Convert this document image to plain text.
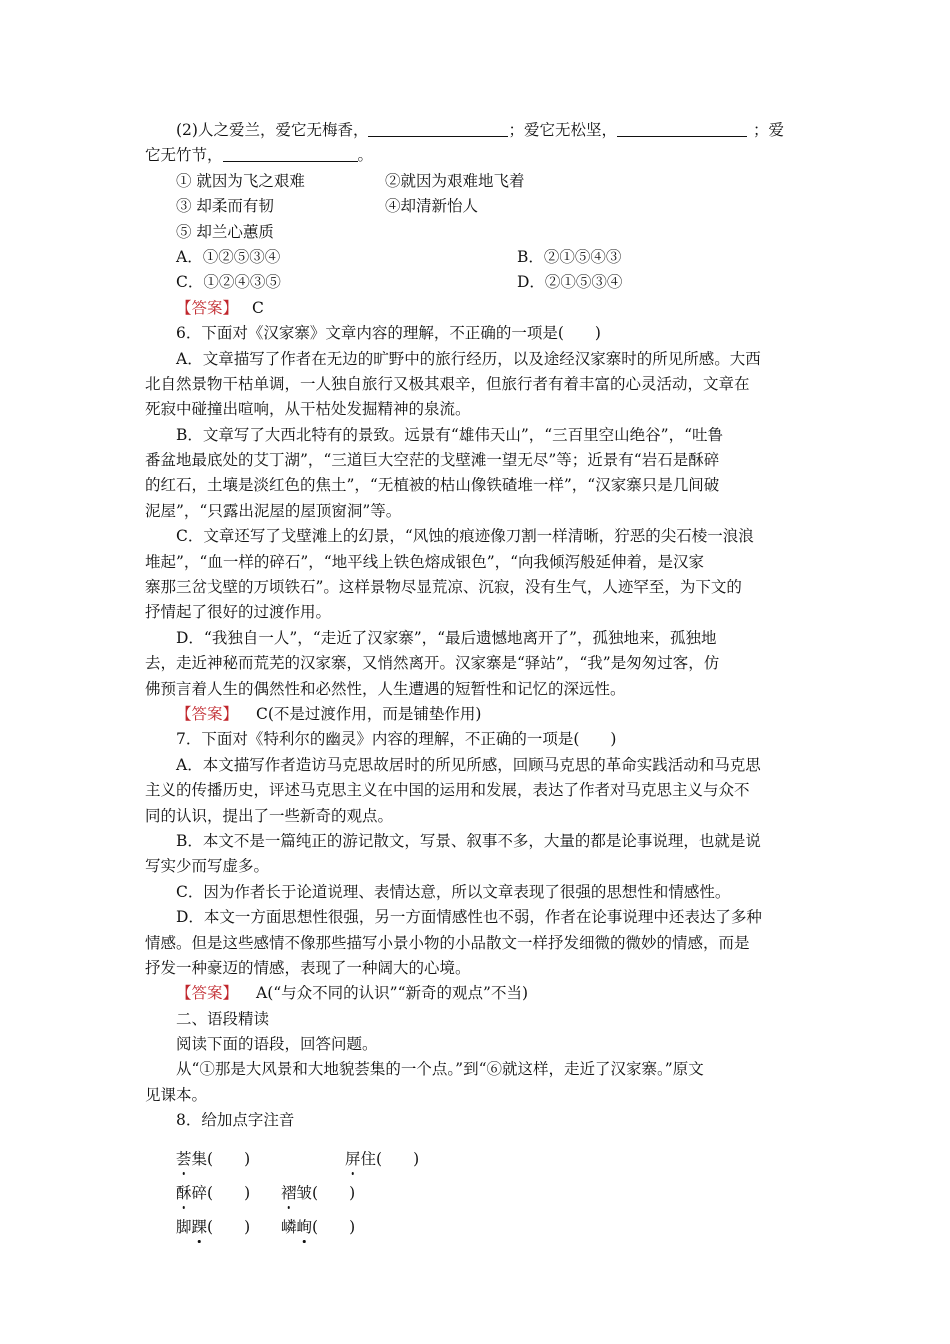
(2)人之爱兰，爱它无梅香，	；爱它无松坚，	；爱
它无竹节，	。
① 就因为飞之艰难	②就因为艰难地飞着
③ 却柔而有韧	④却清新怡人
⑤ 却兰心蕙质
A．①②⑤③④	B．②①⑤④③
C．①②④③⑤	D．②①⑤③④
【答案】 C
6．下面对《汉家寨》文章内容的理解，不正确的一项是(　　)
A．文章描写了作者在无边的旷野中的旅行经历，以及途经汉家寨时的所见所感。大西
北自然景物干枯单调，一人独自旅行又极其艰辛，但旅行者有着丰富的心灵活动，文章在
死寂中碰撞出喧响，从干枯处发掘精神的泉流。
B．文章写了大西北特有的景致。远景有“雄伟天山”，“三百里空山绝谷”，“吐鲁
番盆地最底处的艾丁湖”，“三道巨大空茫的戈壁滩一望无尽”等；近景有“岩石是酥碎
的红石，土壤是淡红色的焦土”，“无植被的枯山像铁碴堆一样”，“汉家寨只是几间破
泥屋”，“只露出泥屋的屋顶窗洞”等。
C．文章还写了戈壁滩上的幻景，“风蚀的痕迹像刀割一样清晰，狞恶的尖石棱一浪浪
堆起”，“血一样的碎石”，“地平线上铁色熔成银色”，“向我倾泻般延伸着，是汉家
寨那三岔戈壁的万顷铁石”。这样景物尽显荒凉、沉寂，没有生气，人迹罕至，为下文的
抒情起了很好的过渡作用。
D．“我独自一人”，“走近了汉家寨”，“最后遗憾地离开了”，孤独地来，孤独地
去，走近神秘而荒芜的汉家寨，又悄然离开。汉家寨是“驿站”，“我”是匆匆过客，仿
佛预言着人生的偶然性和必然性，人生遭遇的短暂性和记忆的深远性。
【答案】 C(不是过渡作用，而是铺垫作用)
7．下面对《特利尔的幽灵》内容的理解，不正确的一项是(　　)
A．本文描写作者造访马克思故居时的所见所感，回顾马克思的革命实践活动和马克思
主义的传播历史，评述马克思主义在中国的运用和发展，表达了作者对马克思主义与众不
同的认识，提出了一些新奇的观点。
B．本文不是一篇纯正的游记散文，写景、叙事不多，大量的都是论事说理，也就是说
写实少而写虚多。
C．因为作者长于论道说理、表情达意，所以文章表现了很强的思想性和情感性。
D．本文一方面思想性很强，另一方面情感性也不弱，作者在论事说理中还表达了多种
情感。但是这些感情不像那些描写小景小物的小品散文一样抒发细微的微妙的情感，而是
抒发一种豪迈的情感，表现了一种阔大的心境。
【答案】 A(“与众不同的认识”“新奇的观点”不当)
二、语段精读
阅读下面的语段，回答问题。
从“①那是大风景和大地貌荟集的一个点。”到“⑥就这样，走近了汉家寨。”原文
见课本。
8．给加点字注音
荟集(　　)	屏住(　　)
酥碎(　　) 褶皱(　　)
脚踝(　　) 嶙峋(　　)
